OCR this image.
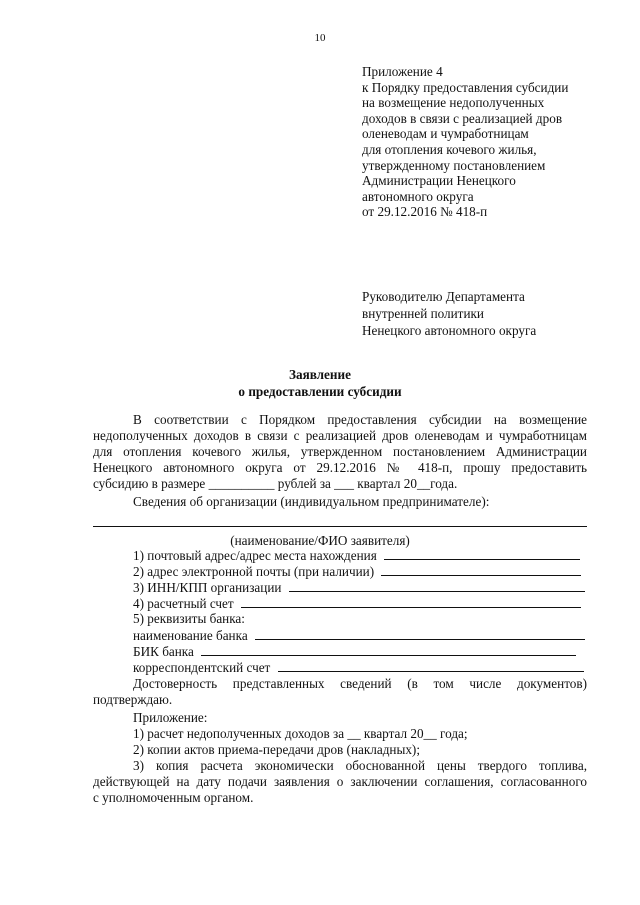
10
Приложение 4
к Порядку предоставления субсидии
на возмещение недополученных
доходов в связи с реализацией дров
оленеводам и чумработницам
для отопления кочевого жилья,
утвержденному постановлением
Администрации Ненецкого
автономного округа
от 29.12.2016 № 418-п
Руководителю Департамента
внутренней политики
Ненецкого автономного округа
Заявление
о предоставлении субсидии
В соответствии с Порядком предоставления субсидии на возмещение
недополученных доходов в связи с реализацией дров оленеводам и чумработницам
для отопления кочевого жилья, утвержденном постановлением Администрации
Ненецкого автономного округа от 29.12.2016 № 418-п, прошу предоставить
субсидию в размере __________ рублей за ___ квартал 20__года.
Сведения об организации (индивидуальном предпринимателе):
(наименование/ФИО заявителя)
1) почтовый адрес/адрес места нахождения
2) адрес электронной почты (при наличии)
3) ИНН/КПП организации
4) расчетный счет
5) реквизиты банка:
наименование банка
БИК банка
корреспондентский счет
Достоверность представленных сведений (в том числе документов)
подтверждаю.
Приложение:
1) расчет недополученных доходов за __ квартал 20__ года;
2) копии актов приема-передачи дров (накладных);
3) копия расчета экономически обоснованной цены твердого топлива,
действующей на дату подачи заявления о заключении соглашения, согласованного
с уполномоченным органом.
